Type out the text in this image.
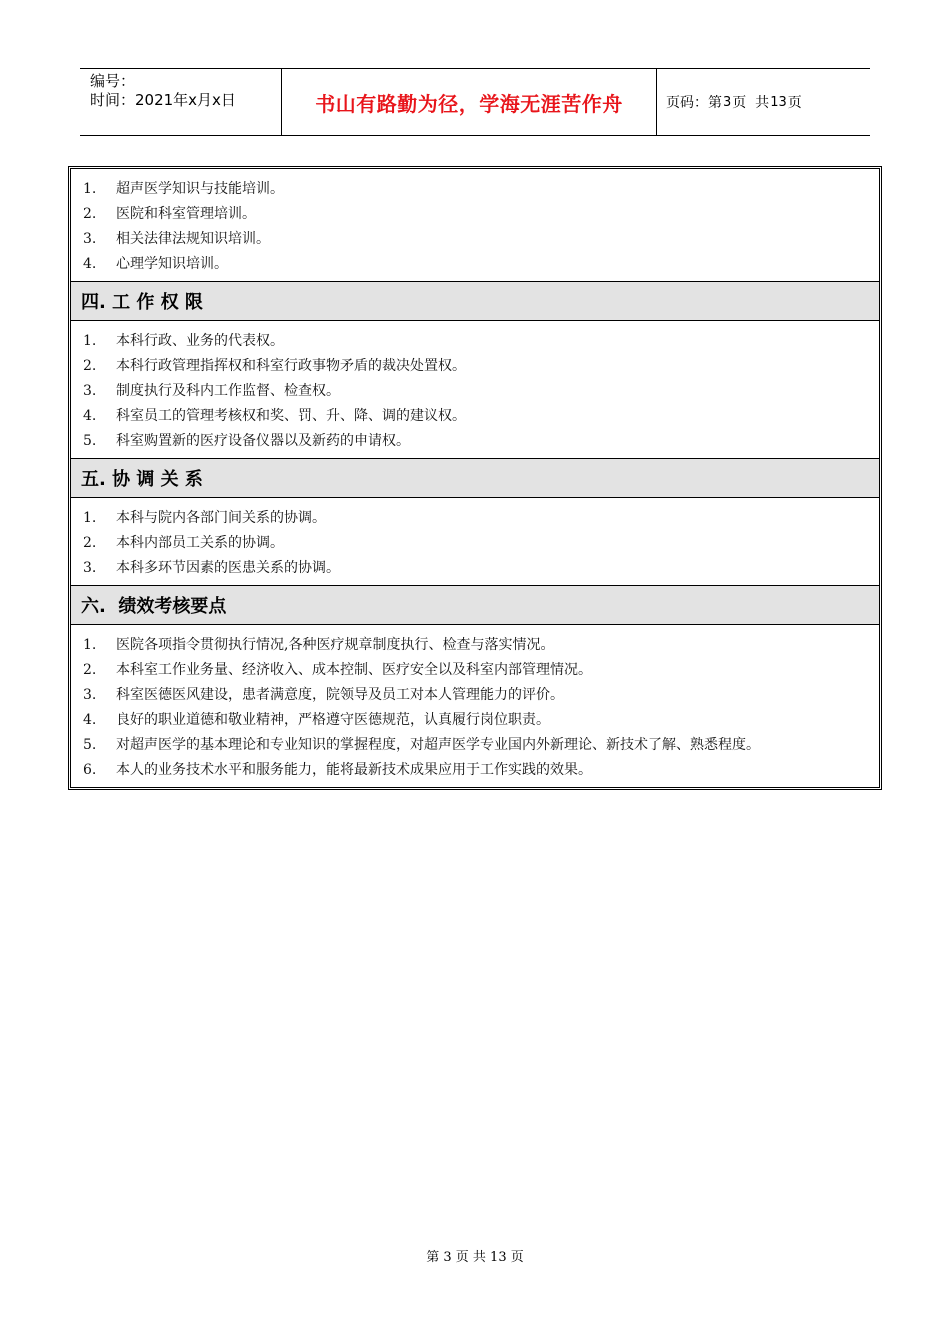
编号：
时间：2021年x月x日	书山有路勤为径，学海无涯苦作舟	页码：第 3 页  共 13 页
1.	超声医学知识与技能培训。
2.	医院和科室管理培训。
3.	相关法律法规知识培训。
4.	心理学知识培训。
四. 工 作 权 限
1.	本科行政、业务的代表权。
2.	本科行政管理指挥权和科室行政事物矛盾的裁决处置权。
3.	制度执行及科内工作监督、检查权。
4.	科室员工的管理考核权和奖、罚、升、降、调的建议权。
5.	科室购置新的医疗设备仪器以及新药的申请权。
五. 协 调 关 系
1.	本科与院内各部门间关系的协调。
2.	本科内部员工关系的协调。
3.	本科多环节因素的医患关系的协调。
六.  绩效考核要点
1.	医院各项指令贯彻执行情况,各种医疗规章制度执行、检查与落实情况。
2.	本科室工作业务量、经济收入、成本控制、医疗安全以及科室内部管理情况。
3.	科室医德医风建设，患者满意度，院领导及员工对本人管理能力的评价。
4.	良好的职业道德和敬业精神，严格遵守医德规范，认真履行岗位职责。
5.	对超声医学的基本理论和专业知识的掌握程度，对超声医学专业国内外新理论、新技术了解、熟悉程度。
6.	本人的业务技术水平和服务能力，能将最新技术成果应用于工作实践的效果。
第 3 页 共 13 页
